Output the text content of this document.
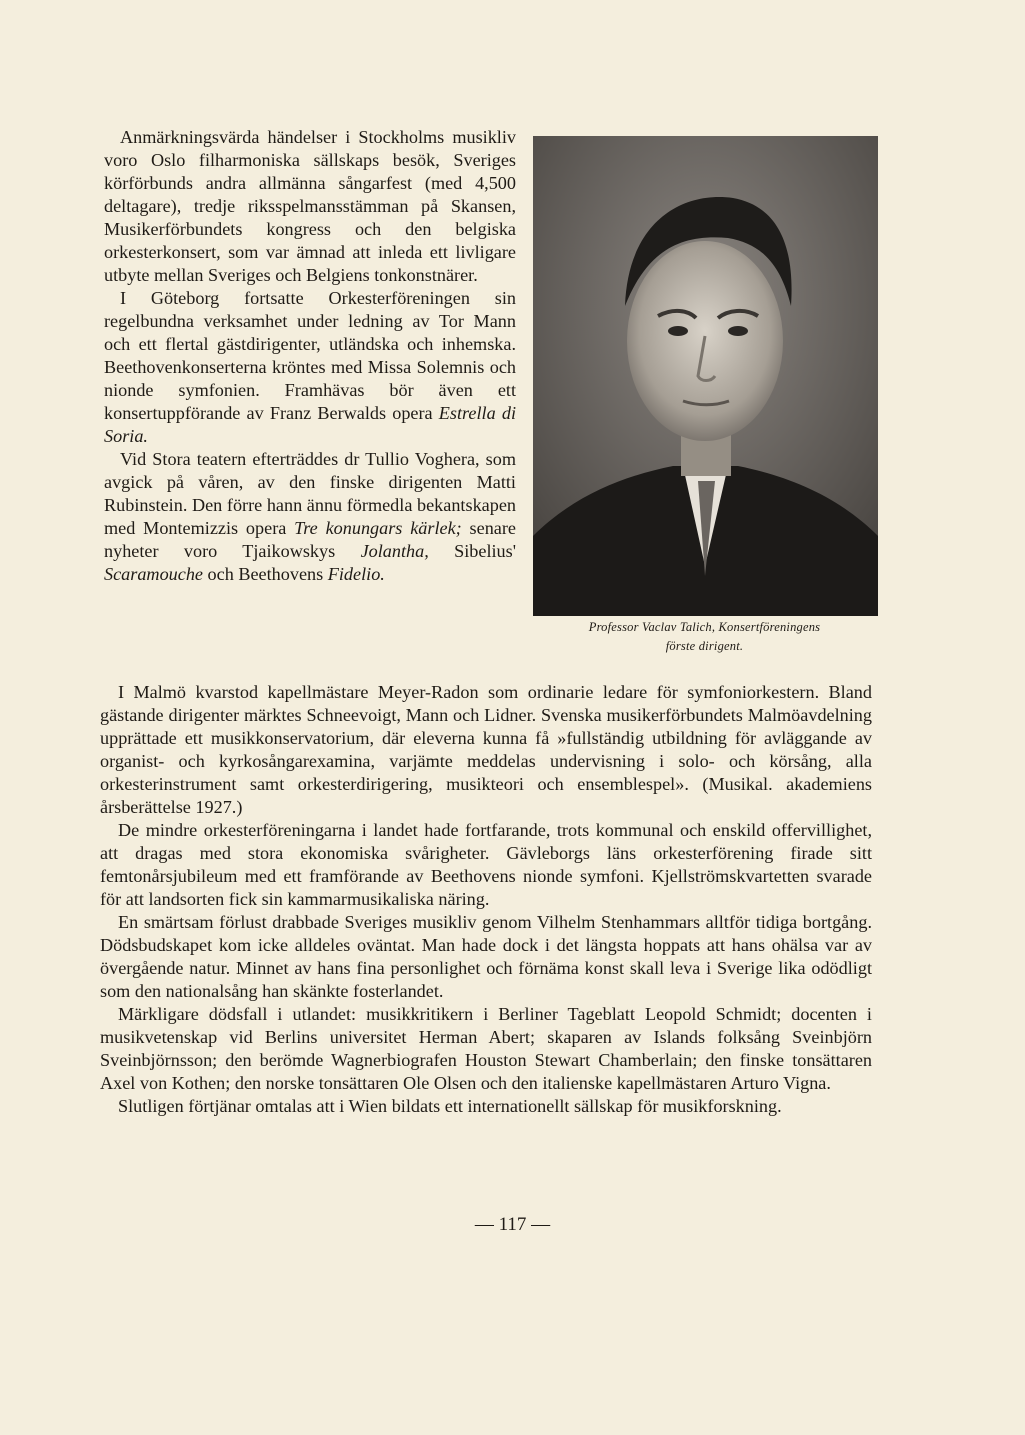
Anmärkningsvärda händelser i Stockholms musikliv voro Oslo filharmoniska sällskaps besök, Sveriges körförbunds andra allmänna sångarfest (med 4,500 deltagare), tredje riksspelmansstämman på Skansen, Musikerförbundets kongress och den belgiska orkesterkonsert, som var ämnad att inleda ett livligare utbyte mellan Sveriges och Belgiens tonkonstnärer.

I Göteborg fortsatte Orkesterföreningen sin regelbundna verksamhet under ledning av Tor Mann och ett flertal gästdirigenter, utländska och inhemska. Beethovenkonserterna kröntes med Missa Solemnis och nionde symfonien. Framhävas bör även ett konsertuppförande av Franz Berwalds opera Estrella di Soria.

Vid Stora teatern efterträddes dr Tullio Voghera, som avgick på våren, av den finske dirigenten Matti Rubinstein. Den förre hann ännu förmedla bekantskapen med Montemizzis opera Tre konungars kärlek; senare nyheter voro Tjaikowskys Jolantha, Sibelius' Scaramouche och Beethovens Fidelio.

Professor Vaclav Talich, Konsertföreningens
förste dirigent.

I Malmö kvarstod kapellmästare Meyer-Radon som ordinarie ledare för symfoniorkestern. Bland gästande dirigenter märktes Schneevoigt, Mann och Lidner. Svenska musikerförbundets Malmöavdelning upprättade ett musikkonservatorium, där eleverna kunna få »fullständig utbildning för avläggande av organist- och kyrkosångarexamina, varjämte meddelas undervisning i solo- och körsång, alla orkesterinstrument samt orkesterdirigering, musikteori och ensemblespel». (Musikal. akademiens årsberättelse 1927.)

De mindre orkesterföreningarna i landet hade fortfarande, trots kommunal och enskild offervillighet, att dragas med stora ekonomiska svårigheter. Gävleborgs läns orkesterförening firade sitt femtonårsjubileum med ett framförande av Beethovens nionde symfoni. Kjellströmskvartetten svarade för att landsorten fick sin kammarmusikaliska näring.

En smärtsam förlust drabbade Sveriges musikliv genom Vilhelm Stenhammars alltför tidiga bortgång. Dödsbudskapet kom icke alldeles oväntat. Man hade dock i det längsta hoppats att hans ohälsa var av övergående natur. Minnet av hans fina personlighet och förnäma konst skall leva i Sverige lika odödligt som den nationalsång han skänkte fosterlandet.

Märkligare dödsfall i utlandet: musikkritikern i Berliner Tageblatt Leopold Schmidt; docenten i musikvetenskap vid Berlins universitet Herman Abert; skaparen av Islands folksång Sveinbjörn Sveinbjörnsson; den berömde Wagnerbiografen Houston Stewart Chamberlain; den finske tonsättaren Axel von Kothen; den norske tonsättaren Ole Olsen och den italienske kapellmästaren Arturo Vigna.

Slutligen förtjänar omtalas att i Wien bildats ett internationellt sällskap för musikforskning.

— 117 —
